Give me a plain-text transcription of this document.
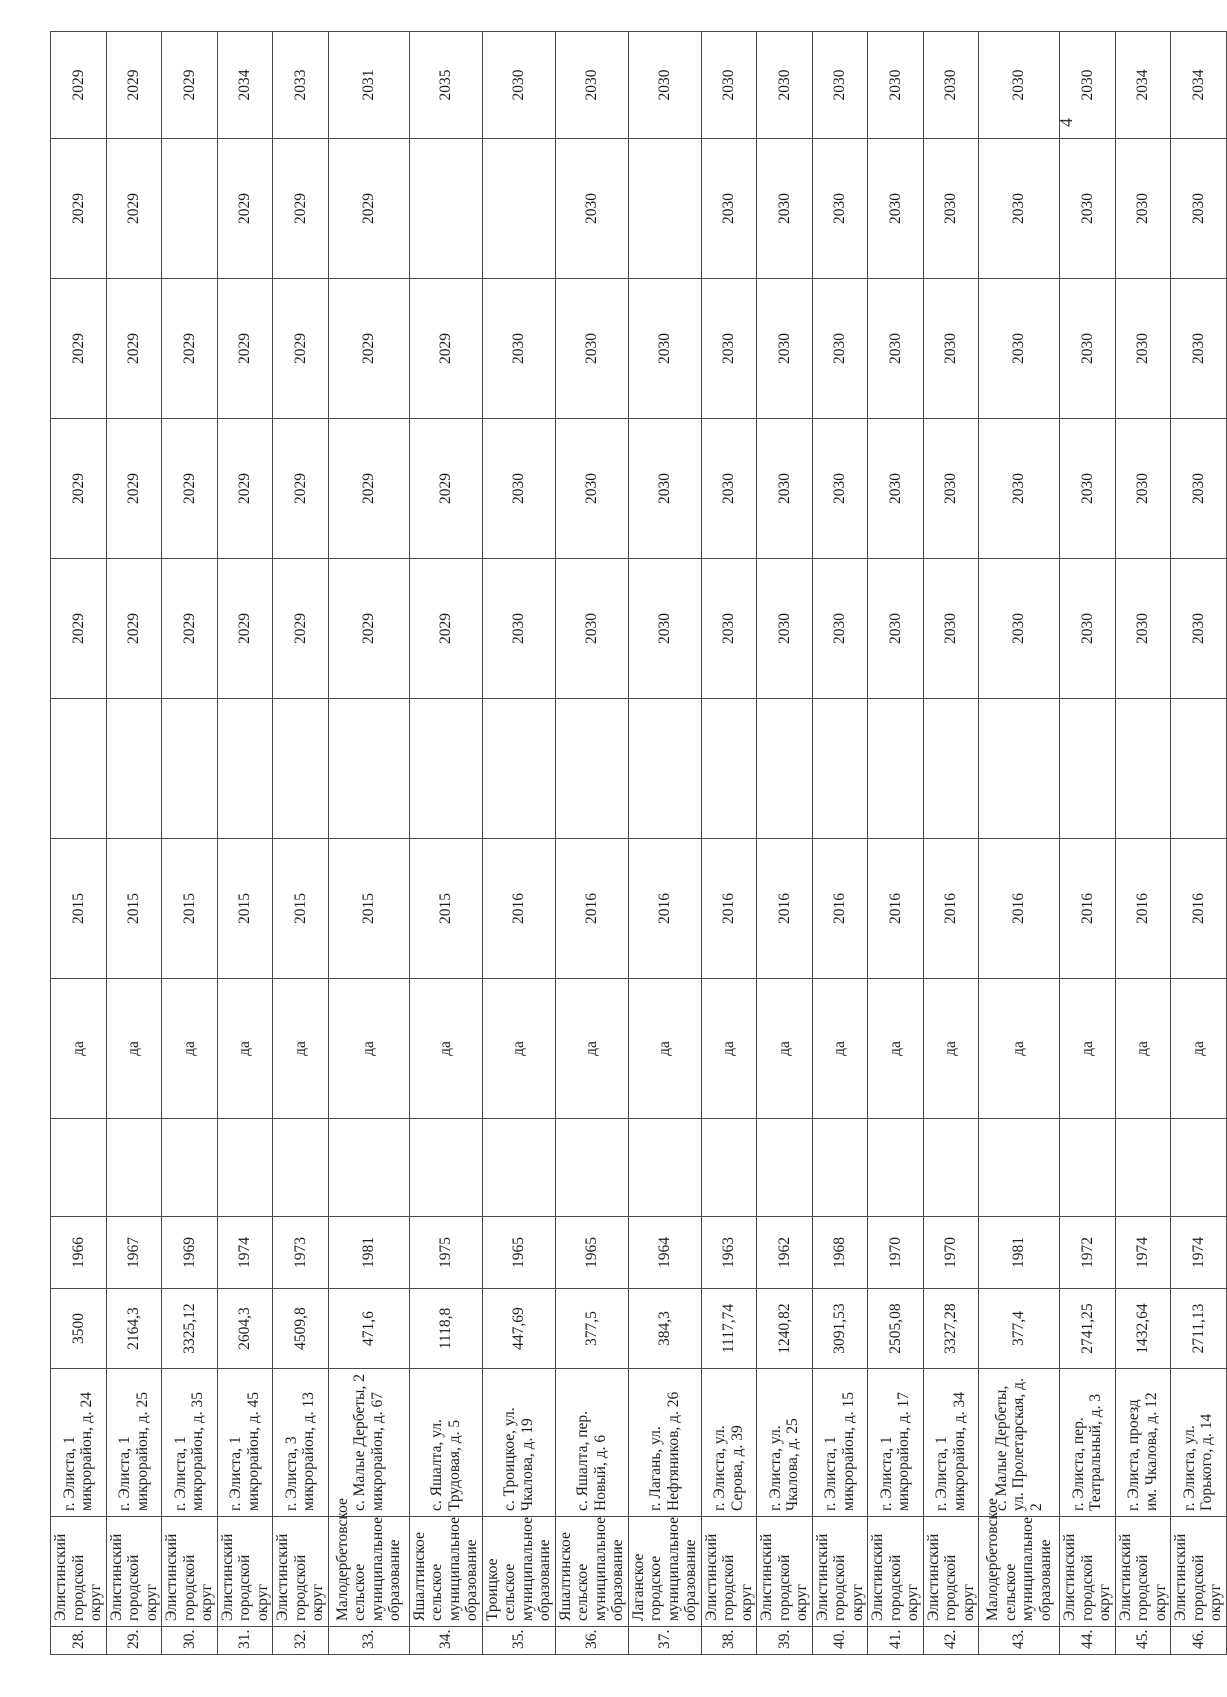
28.	Элистинский городской округ	г. Элиста, 1 микрорайон, д. 24	3500	1966		да	2015		2029	2029	2029	2029	2029
29.	Элистинский городской округ	г. Элиста, 1 микрорайон, д. 25	2164,3	1967		да	2015		2029	2029	2029	2029	2029
30.	Элистинский городской округ	г. Элиста, 1 микрорайон, д. 35	3325,12	1969		да	2015		2029	2029	2029		2029
31.	Элистинский городской округ	г. Элиста, 1 микрорайон, д. 45	2604,3	1974		да	2015		2029	2029	2029	2029	2034
32.	Элистинский городской округ	г. Элиста, 3 микрорайон, д. 13	4509,8	1973		да	2015		2029	2029	2029	2029	2033
33.	Малодербетовское сельское муниципальное образование	с. Малые Дербеты, 2 микрорайон, д. 67	471,6	1981		да	2015		2029	2029	2029	2029	2031
34.	Яшалтинское сельское муниципальное образование	с. Яшалта, ул. Трудовая, д. 5	1118,8	1975		да	2015		2029	2029	2029		2035
35.	Троицкое сельское муниципальное образование	с. Троицкое, ул. Чкалова, д. 19	447,69	1965		да	2016		2030	2030	2030		2030
36.	Яшалтинское сельское муниципальное образование	с. Яшалта, пер. Новый, д. 6	377,5	1965		да	2016		2030	2030	2030	2030	2030
37.	Лаганское городское муниципальное образование	г. Лагань, ул. Нефтяников, д. 26	384,3	1964		да	2016		2030	2030	2030		2030
38.	Элистинский городской округ	г. Элиста, ул. Серова, д. 39	1117,74	1963		да	2016		2030	2030	2030	2030	2030
39.	Элистинский городской округ	г. Элиста, ул. Чкалова, д. 25	1240,82	1962		да	2016		2030	2030	2030	2030	2030
40.	Элистинский городской округ	г. Элиста, 1 микрорайон, д. 15	3091,53	1968		да	2016		2030	2030	2030	2030	2030
41.	Элистинский городской округ	г. Элиста, 1 микрорайон, д. 17	2505,08	1970		да	2016		2030	2030	2030	2030	2030
42.	Элистинский городской округ	г. Элиста, 1 микрорайон, д. 34	3327,28	1970		да	2016		2030	2030	2030	2030	2030
43.	Малодербетовское сельское муниципальное образование	с. Малые Дербеты, ул. Пролетарская, д. 2	377,4	1981		да	2016		2030	2030	2030	2030	2030
44.	Элистинский городской округ	г. Элиста, пер. Театральный, д. 3	2741,25	1972		да	2016		2030	2030	2030	2030	2030
45.	Элистинский городской округ	г. Элиста, проезд им. Чкалова, д. 12	1432,64	1974		да	2016		2030	2030	2030	2030	2034
46.	Элистинский городской округ	г. Элиста, ул. Горького, д. 14	2711,13	1974		да	2016		2030	2030	2030	2030	2034
4
